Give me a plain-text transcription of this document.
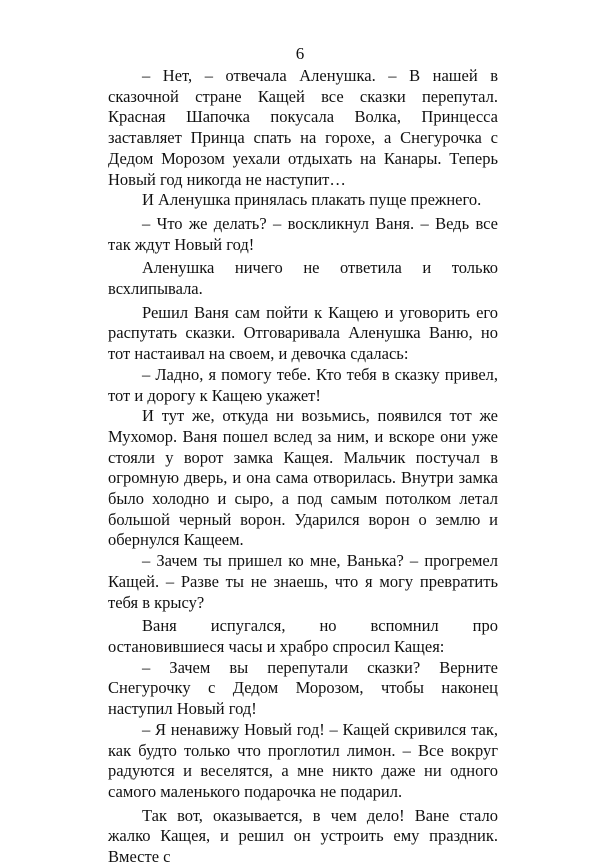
6

– Нет, – отвечала Аленушка. – В нашей в сказочной стране Кащей все сказки перепутал. Красная Шапочка покусала Волка, Принцесса заставляет Принца спать на горохе, а Снегурочка с Дедом Морозом уехали отдыхать на Канары. Теперь Новый год никогда не наступит…

И Аленушка принялась плакать пуще прежнего.

– Что же делать? – воскликнул Ваня. – Ведь все так ждут Новый год!

Аленушка ничего не ответила и только всхлипывала.

Решил Ваня сам пойти к Кащею и уговорить его распутать сказки. Отговаривала Аленушка Ваню, но тот настаивал на своем, и девочка сдалась:

– Ладно, я помогу тебе. Кто тебя в сказку привел, тот и дорогу к Кащею укажет!

И тут же, откуда ни возьмись, появился тот же Мухомор. Ваня пошел вслед за ним, и вскоре они уже стояли у ворот замка Кащея. Мальчик постучал в огромную дверь, и она сама отворилась. Внутри замка было холодно и сыро, а под самым потолком летал большой черный ворон. Ударился ворон о землю и обернулся Кащеем.

– Зачем ты пришел ко мне, Ванька? – прогремел Кащей. – Разве ты не знаешь, что я могу превратить тебя в крысу?

Ваня испугался, но вспомнил про остановившиеся часы и храбро спросил Кащея:

– Зачем вы перепутали сказки? Верните Снегурочку с Дедом Морозом, чтобы наконец наступил Новый год!

– Я ненавижу Новый год! – Кащей скривился так, как будто только что проглотил лимон. – Все вокруг радуются и веселятся, а мне никто даже ни одного самого маленького подарочка не подарил.

Так вот, оказывается, в чем дело! Ване стало жалко Кащея, и решил он устроить ему праздник. Вместе с
